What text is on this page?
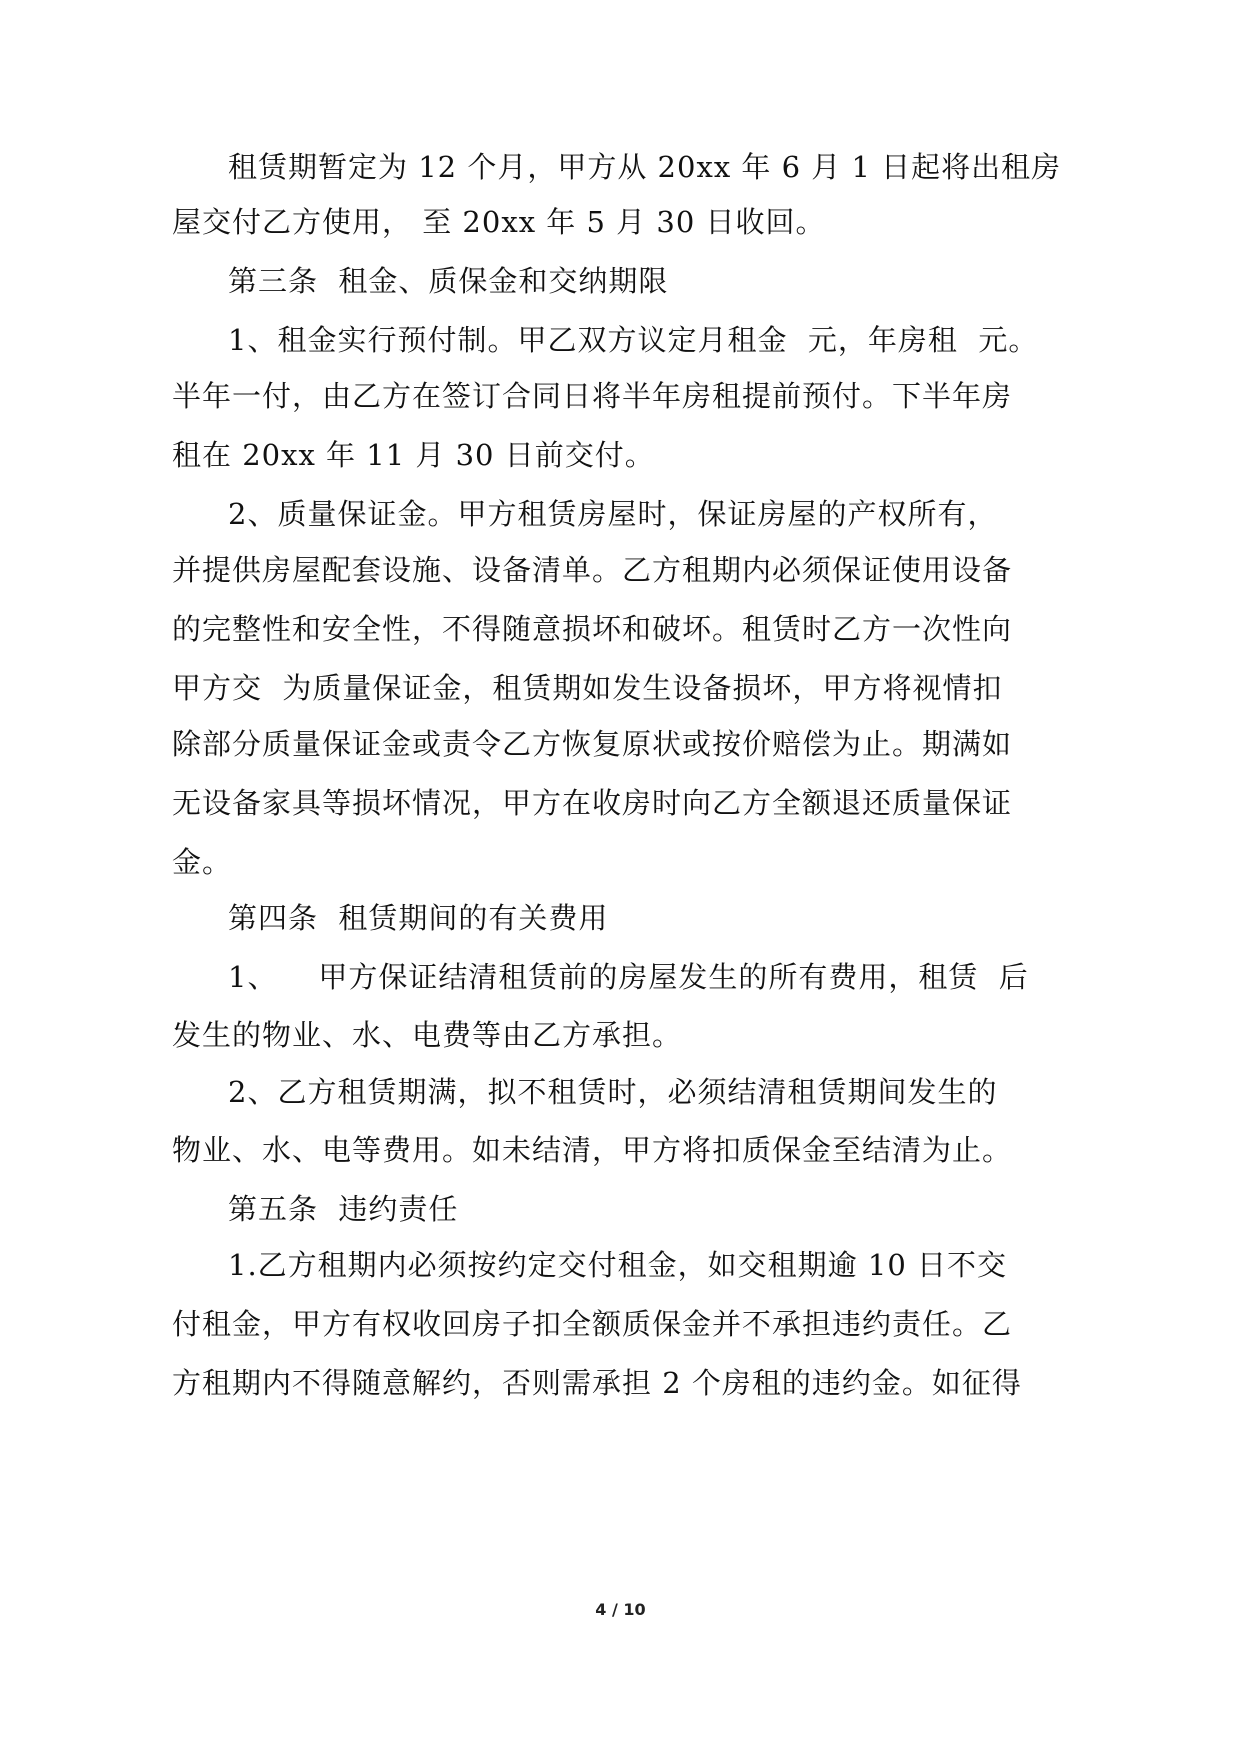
租赁期暂定为 12 个月，甲方从 20xx 年 6 月 1 日起将出租房
屋交付乙方使用， 至 20xx 年 5 月 30 日收回。
第三条  租金、质保金和交纳期限
1、租金实行预付制。甲乙双方议定月租金  元，年房租  元。
半年一付，由乙方在签订合同日将半年房租提前预付。下半年房
租在 20xx 年 11 月 30 日前交付。
2、质量保证金。甲方租赁房屋时，保证房屋的产权所有，
并提供房屋配套设施、设备清单。乙方租期内必须保证使用设备
的完整性和安全性，不得随意损坏和破坏。租赁时乙方一次性向
甲方交  为质量保证金，租赁期如发生设备损坏，甲方将视情扣
除部分质量保证金或责令乙方恢复原状或按价赔偿为止。期满如
无设备家具等损坏情况，甲方在收房时向乙方全额退还质量保证
金。
第四条  租赁期间的有关费用
1、    甲方保证结清租赁前的房屋发生的所有费用，租赁  后
发生的物业、水、电费等由乙方承担。
2、乙方租赁期满，拟不租赁时，必须结清租赁期间发生的
物业、水、电等费用。如未结清，甲方将扣质保金至结清为止。
第五条  违约责任
1.乙方租期内必须按约定交付租金，如交租期逾 10 日不交
付租金，甲方有权收回房子扣全额质保金并不承担违约责任。乙
方租期内不得随意解约，否则需承担 2 个房租的违约金。如征得
4 / 10
